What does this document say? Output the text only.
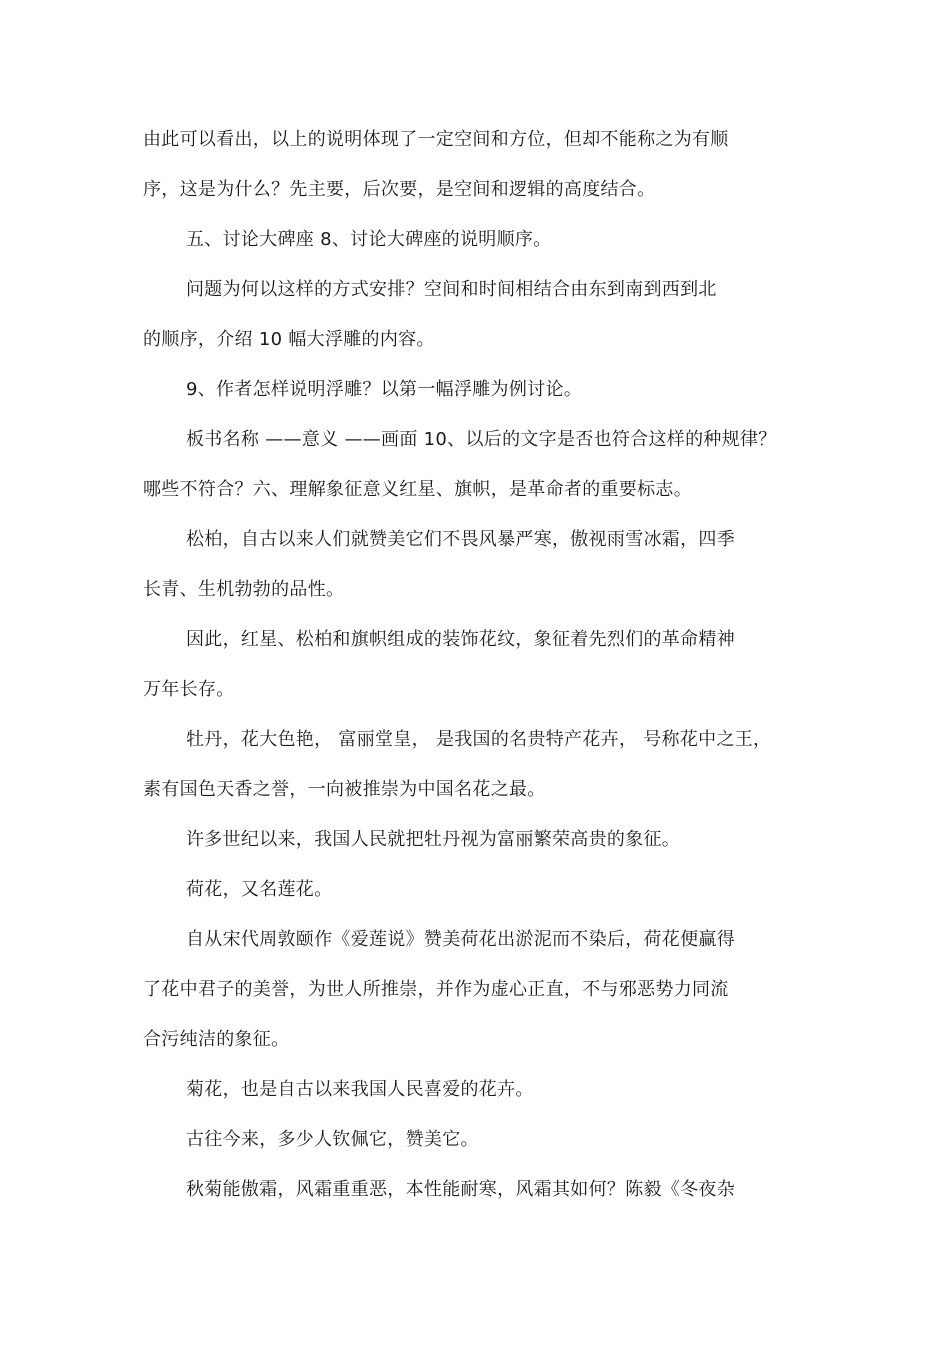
由此可以看出，以上的说明体现了一定空间和方位，但却不能称之为有顺
序，这是为什么？先主要，后次要，是空间和逻辑的高度结合。
五、讨论大碑座 8、讨论大碑座的说明顺序。
问题为何以这样的方式安排？空间和时间相结合由东到南到西到北
的顺序，介绍 10 幅大浮雕的内容。
9、作者怎样说明浮雕？以第一幅浮雕为例讨论。
板书名称 ——意义 ——画面 10、以后的文字是否也符合这样的种规律？
哪些不符合？六、理解象征意义红星、旗帜，是革命者的重要标志。
松柏，自古以来人们就赞美它们不畏风暴严寒，傲视雨雪冰霜，四季
长青、生机勃勃的品性。
因此，红星、松柏和旗帜组成的装饰花纹，象征着先烈们的革命精神
万年长存。
牡丹，花大色艳， 富丽堂皇， 是我国的名贵特产花卉， 号称花中之王，
素有国色天香之誉，一向被推崇为中国名花之最。
许多世纪以来，我国人民就把牡丹视为富丽繁荣高贵的象征。
荷花，又名莲花。
自从宋代周敦颐作《爱莲说》赞美荷花出淤泥而不染后，荷花便赢得
了花中君子的美誉，为世人所推崇，并作为虚心正直，不与邪恶势力同流
合污纯洁的象征。
菊花，也是自古以来我国人民喜爱的花卉。
古往今来，多少人钦佩它，赞美它。
秋菊能傲霜，风霜重重恶，本性能耐寒，风霜其如何？陈毅《冬夜杂
